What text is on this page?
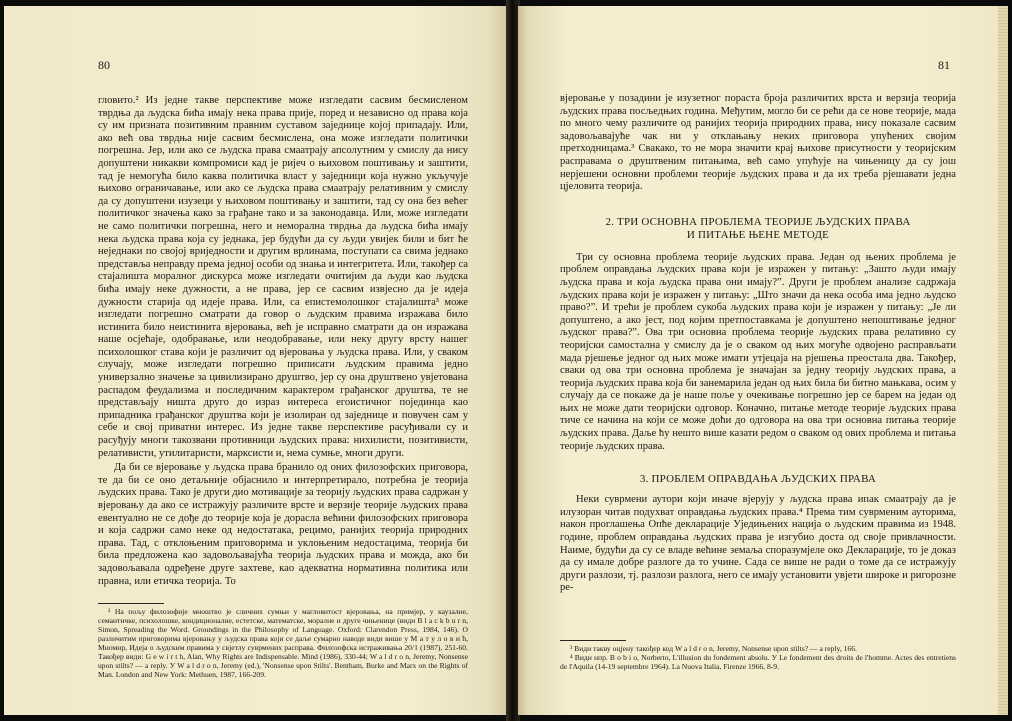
80

гловито.² Из једне такве перспективе може изгледати сасвим бесмисленом тврдња да људска бића имају нека права прије, поред и независно од права која су им призната позитивним правним суставом заједнице којој припадају. Или, ако већ ова тврдња није сасвим бесмислена, она може изгледати политички погрешна. Јер, или ако се људска права смаатрају апсолутним у смислу да нису допуштени никакви компромиси кад је ријеч о њиховом поштивању и заштити, тад је немогућа било каква политичка власт у заједници која нужно укључује њихово ограничавање, или ако се људска права смаатрају релативним у смислу да су допуштени изузеци у њиховом поштивању и заштити, тад су она без већег политичког значења како за грађане тако и за законодавца. Или, може изгледати не само политички погрешна, него и неморална тврдња да људска бића имају нека људска права која су једнака, јер будући да су људи увијек били и бит ће неједнаки по својој вриједности и другим врлинама, поступати са свима једнако представља неправду према једној особи од знања и интегритета. Или, такођер са стајалишта моралног дискурса може изгледати очитијим да људи као људска бића имају неке дужности, а не права, јер се сасвим извјесно да је идеја дужности старија од идеје права. Или, са епистемолошког стајалишта³ може изгледати погрешно сматрати да говор о људским правима изражава било истинита било неистинита вјеровања, већ је исправно сматрати да он изражава наше осјећаје, одобравање, или неодобравање, или неку другу врсту нашег психолошког става који је различит од вјеровања у људска права. Или, у сваком случају, може изгледати погрешно приписати људским правима једно универзално значење за цивилизирано друштво, јер су она друштвено увјетована распадом феудализма и последичним карактером грађанског друштва, те не представљају ништа друго до израз интереса егоистичног појединца као припадника грађанског друштва који је изолиран од заједнице и повучен сам у себе и свој приватни интерес. Из једне такве перспективе расуђивали су и расуђују многи такозвани противници људских права: нихилисти, позитивисти, релативисти, утилитаристи, марксисти и, нема сумње, многи други.

Да би се вјеровање у људска права бранило од оних филозофских приговора, те да би се оно детаљније објаснило и интерпретирало, потребна је теорија људских права. Тако је други дио мотивације за теорију људских права садржан у вјеровању да ако се истражују различите врсте и верзије теорије људских права евентуално не се дође до теорије која је дорасла већини филозофских приговора и која садржи само неке од недостатака, рецимо, ранијих теорија природних права. Тад, с отклоњеним приговорима и уклоњеним недостацима, теорија би била предложена као задовољавајућа теорија људских права и можда, ако би задовољавала одређене друге захтеве, као адекватна нормативна политика или правна, или етичка теорија. То

² На пољу филозофије мноштво је сличних сумњи у магловитост вјеровања, на примјер, у каузалне, семантичке, психолошке, кондиционалне, естетске, математске, моралне и друге чињенице (види B l a c k b u r n, Simon, Spreading the Word. Groundings in the Philosophy of Language. Oxford: Clarendon Press, 1984, 146). О различитим приговорима вјеровању у људска права који се даље сумарно наводе види више у М а т у л о в и ћ, Миомир, Идеја о људским правима у свјетлу суврмених расправа. Филозофска истраживања 20/1 (1987), 251-60. Такођер види: G e w i r t h, Alan, Why Rights are Indispensable. Mind (1986), 330-44; W a l d r o n, Jeremy, Nonsense upon stilts? — a reply. У W a l d r o n, Jeremy (ed.), 'Nonsense upon Stilts'. Bentham, Burke and Marx on the Rights of Man. London and New York: Methuen, 1987, 166-209.

81

вјеровање у позадини је изузетног пораста броја различитих врста и верзија теорија људских права посљедњих година. Међутим, могло би се рећи да се нове теорије, мада по много чему различите од ранијих теорија природних права, нису показале сасвим задовољавајуће чак ни у отклањању неких приговора упућених својим претходницама.³ Свакако, то не мора значити крај њихове присутности у теоријским расправама о друштвеним питањима, већ само упућује на чињеницу да су још нерјешени основни проблеми теорије људских права и да их треба рјешавати једна цјеловита теорија.

2. ТРИ ОСНОВНА ПРОБЛЕМА ТЕОРИЈЕ ЉУДСКИХ ПРАВА И ПИТАЊЕ ЊЕНЕ МЕТОДЕ

Три су основна проблема теорије људских права. Један од њених проблема је проблем оправдања људских права који је изражен у питању: „Зашто људи имају људска права и која људска права они имају?”. Други је проблем анализе садржаја људских права који је изражен у питању: „Што значи да нека особа има једно људско право?”. И трећи је проблем сукоба људских права који је изражен у питању: „Је ли допуштено, а ако јест, под којим претпоставкама је допуштено непоштивање једног људског права?”. Ова три основна проблема теорије људских права релативно су теоријски самостална у смислу да је о сваком од њих могуће одвојено расправљати мада рјешење једног од њих може имати утјецаја на рјешења преостала два. Такођер, сваки од ова три основна проблема је значајан за једну теорију људских права, а теорија људских права која би занемарила један од њих била би битно мањкава, осим у случају да се покаже да је наше поље у очекивање погрешно јер се барем на један од њих не може дати теоријски одговор. Коначно, питање методе теорије људских права тиче се начина на који се може доћи до одговора на ова три основна питања теорије људских права. Даље ћу нешто више казати редом о сваком од ових проблема и питања теорије људских права.

3. ПРОБЛЕМ ОПРАВДАЊА ЉУДСКИХ ПРАВА

Неки суврмени аутори који иначе вјерују у људска права ипак смаатрају да је илузоран читав подухват оправдања људских права.⁴ Према тим суврменим ауторима, након проглашења Опће декларације Уједињених нација о људским правима из 1948. године, проблем оправдања људских права је изгубио доста од своје привлачности. Наиме, будући да су се владе већине земаља споразумјеле око Декларације, то је доказ да су имале добре разлоге да то учине. Сада се више не ради о томе да се истражују други разлози, тј. разлози разлога, него се имају установити увјети широке и ригорозне ре-

³ Види такву оцјену такођер код W a l d r o n, Jeremy, Nonsense upon stilts? — a reply, 166.

⁴ Види нпр. B o b i o, Norberto, L'illusion du fondement absolu. У Le fondement des droits de l'homme. Actes des entretiens de l'Aquila (14-19 septembre 1964). La Nuova Italia, Firenze 1966, 8-9.
